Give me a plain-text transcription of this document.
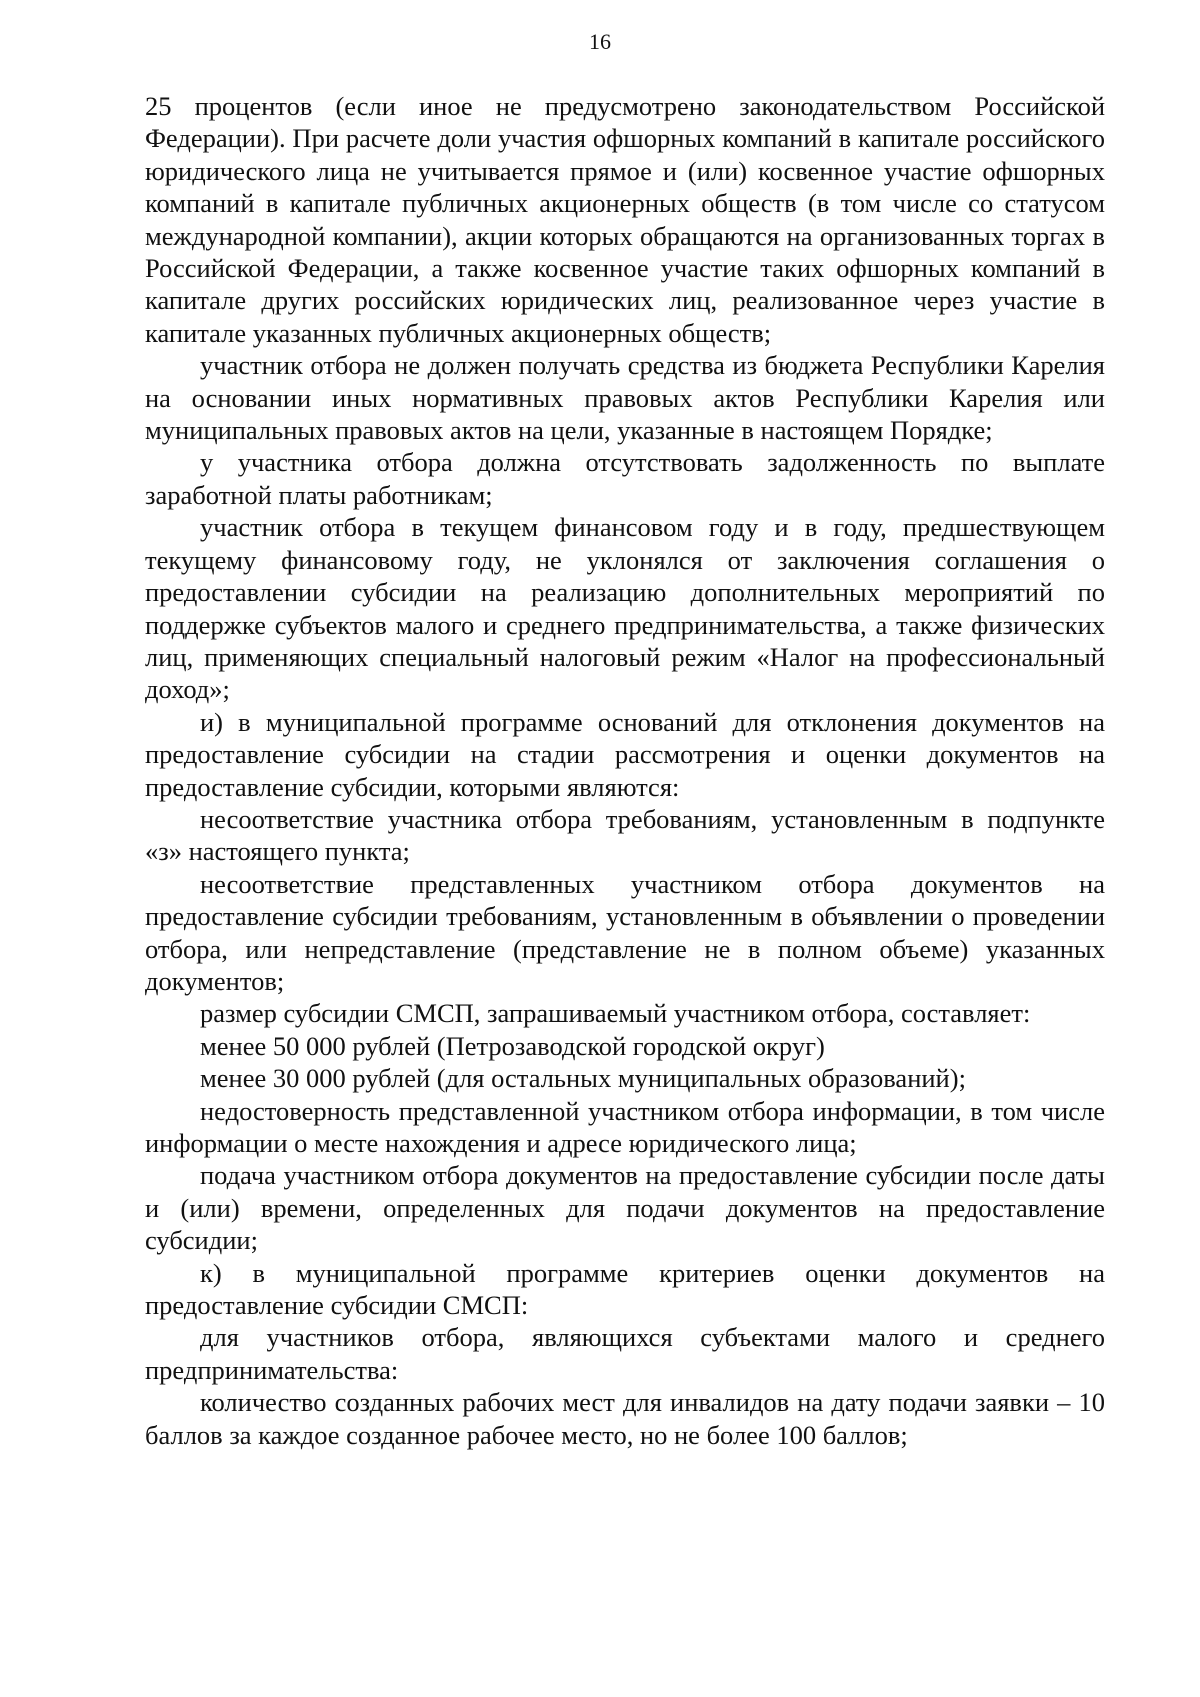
16

25 процентов (если иное не предусмотрено законодательством Российской Федерации). При расчете доли участия офшорных компаний в капитале российского юридического лица не учитывается прямое и (или) косвенное участие офшорных компаний в капитале публичных акционерных обществ (в том числе со статусом международной компании), акции которых обращаются на организованных торгах в Российской Федерации, а также косвенное участие таких офшорных компаний в капитале других российских юридических лиц, реализованное через участие в капитале указанных публичных акционерных обществ;

участник отбора не должен получать средства из бюджета Республики Карелия на основании иных нормативных правовых актов Республики Карелия или муниципальных правовых актов на цели, указанные в настоящем Порядке;

у участника отбора должна отсутствовать задолженность по выплате заработной платы работникам;

участник отбора в текущем финансовом году и в году, предшествующем текущему финансовому году, не уклонялся от заключения соглашения о предоставлении субсидии на реализацию дополнительных мероприятий по поддержке субъектов малого и среднего предпринимательства, а также физических лиц, применяющих специальный налоговый режим «Налог на профессиональный доход»;

и) в муниципальной программе оснований для отклонения документов на предоставление субсидии на стадии рассмотрения и оценки документов на предоставление субсидии, которыми являются:

несоответствие участника отбора требованиям, установленным в подпункте «з» настоящего пункта;

несоответствие представленных участником отбора документов на предоставление субсидии требованиям, установленным в объявлении о проведении отбора, или непредставление (представление не в полном объеме) указанных документов;

размер субсидии СМСП, запрашиваемый участником отбора, составляет:

менее 50 000 рублей (Петрозаводской городской округ)

менее 30 000 рублей (для остальных муниципальных образований);

недостоверность представленной участником отбора информации, в том числе информации о месте нахождения и адресе юридического лица;

подача участником отбора документов на предоставление субсидии после даты и (или) времени, определенных для подачи документов на предоставление субсидии;

к) в муниципальной программе критериев оценки документов на предоставление субсидии СМСП:

для участников отбора, являющихся субъектами малого и среднего предпринимательства:

количество созданных рабочих мест для инвалидов на дату подачи заявки – 10 баллов за каждое созданное рабочее место, но не более 100 баллов;
